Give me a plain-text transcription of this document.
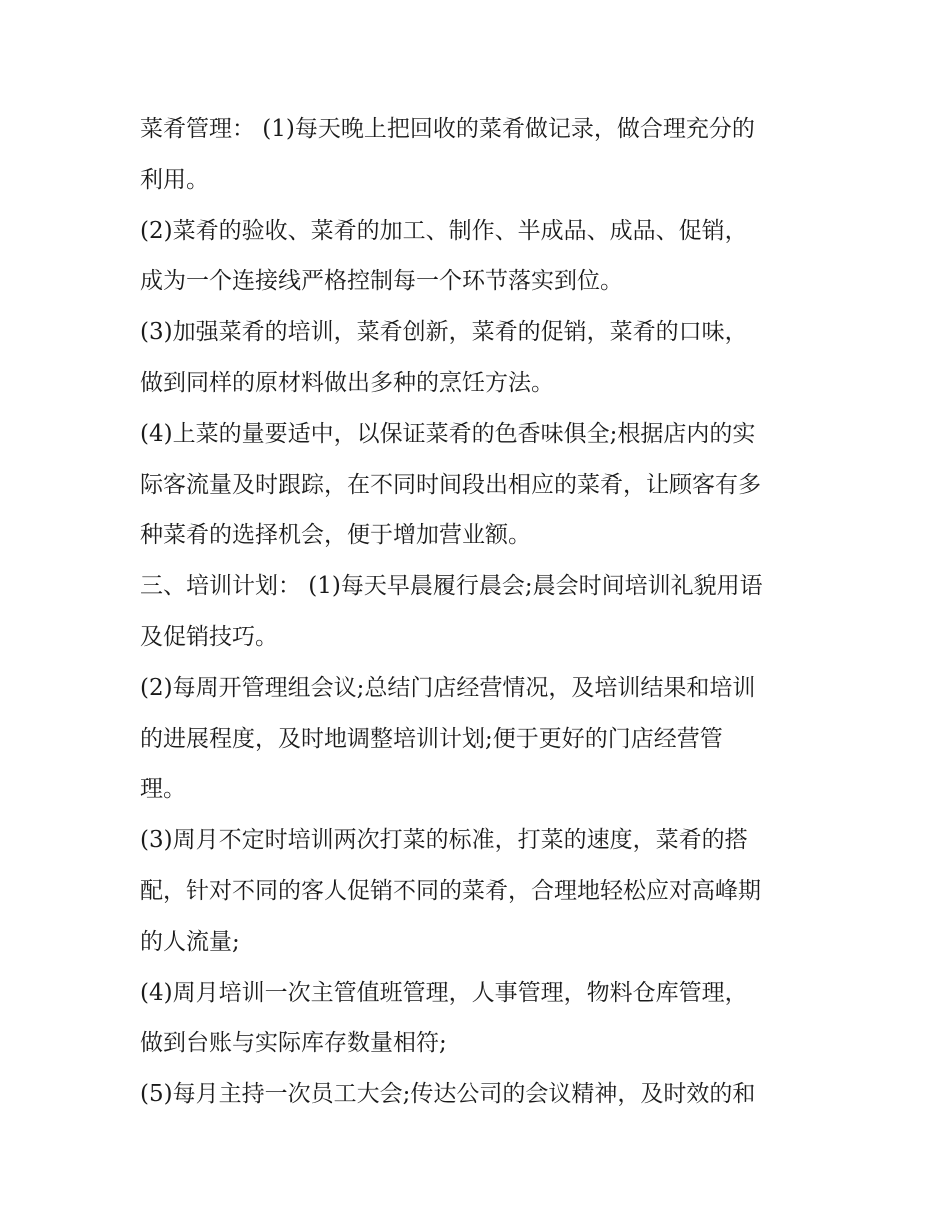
菜肴管理： (1)每天晚上把回收的菜肴做记录，做合理充分的
利用。
(2)菜肴的验收、菜肴的加工、制作、半成品、成品、促销，
成为一个连接线严格控制每一个环节落实到位。
(3)加强菜肴的培训，菜肴创新，菜肴的促销，菜肴的口味，
做到同样的原材料做出多种的烹饪方法。
(4)上菜的量要适中，以保证菜肴的色香味俱全;根据店内的实
际客流量及时跟踪，在不同时间段出相应的菜肴，让顾客有多
种菜肴的选择机会，便于增加营业额。
三、培训计划： (1)每天早晨履行晨会;晨会时间培训礼貌用语
及促销技巧。
(2)每周开管理组会议;总结门店经营情况，及培训结果和培训
的进展程度，及时地调整培训计划;便于更好的门店经营管
理。
(3)周月不定时培训两次打菜的标准，打菜的速度，菜肴的搭
配，针对不同的客人促销不同的菜肴，合理地轻松应对高峰期
的人流量;
(4)周月培训一次主管值班管理，人事管理，物料仓库管理，
做到台账与实际库存数量相符;
(5)每月主持一次员工大会;传达公司的会议精神，及时效的和
